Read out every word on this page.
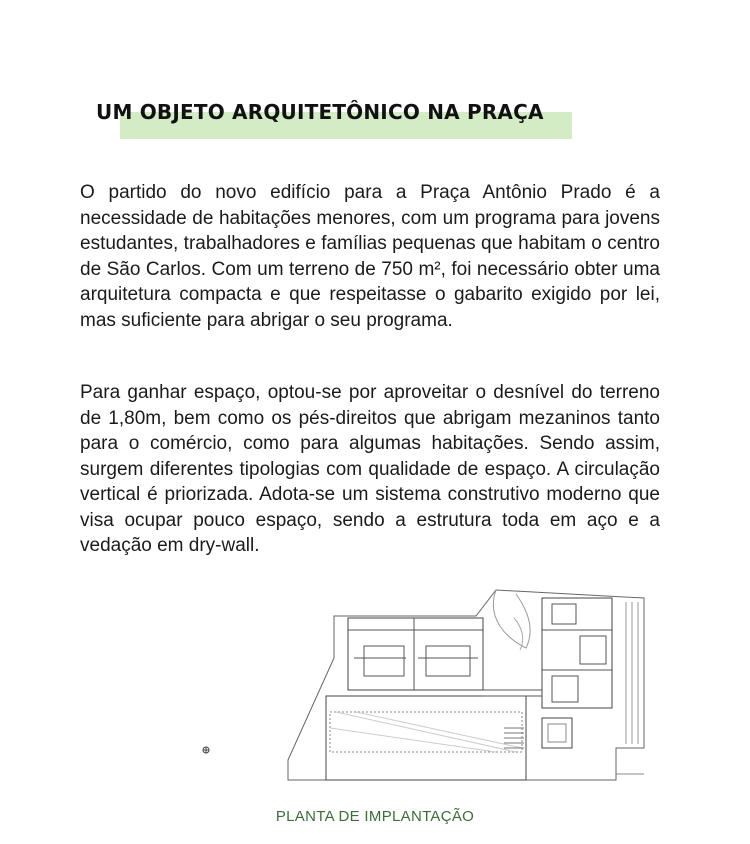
UM OBJETO ARQUITETÔNICO NA PRAÇA

O partido do novo edifício para a Praça Antônio Prado é a necessidade de habitações menores, com um programa para jovens estudantes, trabalhadores e famílias pequenas que habitam o centro de São Carlos. Com um terreno de 750 m², foi necessário obter uma arquitetura compacta e que respeitasse o gabarito exigido por lei, mas suficiente para abrigar o seu programa.

Para ganhar espaço, optou-se por aproveitar o desnível do terreno de 1,80m, bem como os pés-direitos que abrigam mezaninos tanto para o comércio, como para algumas habitações. Sendo assim, surgem diferentes tipologias com qualidade de espaço. A circulação vertical é priorizada. Adota-se um sistema construtivo moderno que visa ocupar pouco espaço, sendo a estrutura toda em aço e a vedação em dry-wall.

PLANTA DE IMPLANTAÇÃO
